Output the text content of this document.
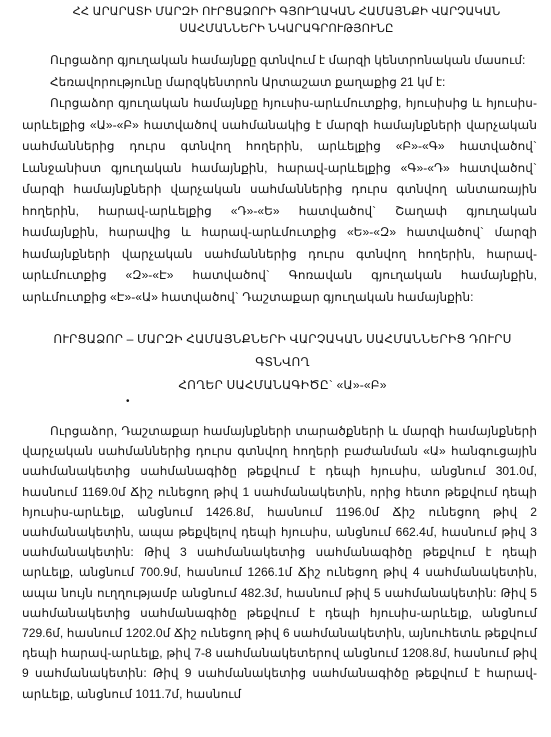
ՀՀ ԱՐԱՐԱՏԻ ՄԱՐԶԻ ՈՒՐՑԱՁՈՐԻ ԳՅՈՒՂԱԿԱՆ ՀԱՄԱՅՆՔԻ ՎԱՐՉԱԿԱՆ
ՍԱՀՄԱՆՆԵՐԻ ՆԿԱՐԱԳՐՈՒԹՅՈՒՆԸ

Ուրցաձոր գյուղական համայնքը գտնվում է մարզի կենտրոնական մասում:

Հեռավորությունը մարզկենտրոն Արտաշատ քաղաքից 21 կմ է:

Ուրցաձոր գյուղական համայնքը հյուսիս-արևմուտքից, հյուսիսից և հյուսիս-արևելքից «Ա»-«Բ» հատվածով սահմանակից է մարզի համայնքների վարչական սահմաններից դուրս գտնվող հողերին, արևելքից «Բ»-«Գ» հատվածով` Լանջանիստ գյուղական համայնքին, հարավ-արևելքից «Գ»-«Դ» հատվածով` մարզի համայնքների վարչական սահմաններից դուրս գտնվող անտառային հողերին, հարավ-արևելքից «Դ»-«Ե» հատվածով` Շաղափ գյուղական համայնքին, հարավից և հարավ-արևմուտքից «Ե»-«Զ» հատվածով` մարզի համայնքների վարչական սահմաններից դուրս գտնվող հողերին, հարավ-արևմուտքից «Զ»-«Է» հատվածով` Գոռավան գյուղական համայնքին, արևմուտքից «Է»-«Ա» հատվածով` Դաշտաքար գյուղական համայնքին:

ՈՒՐՑԱՁՈՐ – ՄԱՐԶԻ ՀԱՄԱՅՆՔՆԵՐԻ ՎԱՐՉԱԿԱՆ ՍԱՀՄԱՆՆԵՐԻՑ ԴՈՒՐՍ ԳՏՆՎՈՂ
ՀՈՂԵՐ ՍԱՀՄԱՆԱԳԻԾԸ` «Ա»-«Բ»
•

Ուրցաձոր, Դաշտաքար համայնքների տարածքների և մարզի համայնքների վարչական սահմաններից դուրս գտնվող հողերի բաժանման «Ա» հանգուցային սահմանակետից սահմանագիծը թեքվում է դեպի հյուսիս, անցնում 301.0մ, հասնում 1169.0մ Ճիշ ունեցող թիվ 1 սահմանակետին, որից հետո թեքվում դեպի հյուսիս-արևելք, անցնում 1426.8մ, հասնում 1196.0մ Ճիշ ունեցող թիվ 2 սահմանակետին, ապա թեքվելով դեպի հյուսիս, անցնում 662.4մ, հասնում թիվ 3 սահմանակետին: Թիվ 3 սահմանակետից սահմանագիծը թեքվում է դեպի արևելք, անցնում 700.9մ, հասնում 1266.1մ Ճիշ ունեցող թիվ 4 սահմանակետին, ապա նույն ուղղությամբ անցնում 482.3մ, հասնում թիվ 5 սահմանակետին: Թիվ 5 սահմանակետից սահմանագիծը թեքվում է դեպի հյուսիս-արևելք, անցնում 729.6մ, հասնում 1202.0մ Ճիշ ունեցող թիվ 6 սահմանակետին, այնուհետև թեքվում դեպի հարավ-արևելք, թիվ 7-8 սահմանակետերով անցնում 1208.8մ, հասնում թիվ 9 սահմանակետին: Թիվ 9 սահմանակետից սահմանագիծը թեքվում է հարավ-արևելք, անցնում 1011.7մ, հասնում
